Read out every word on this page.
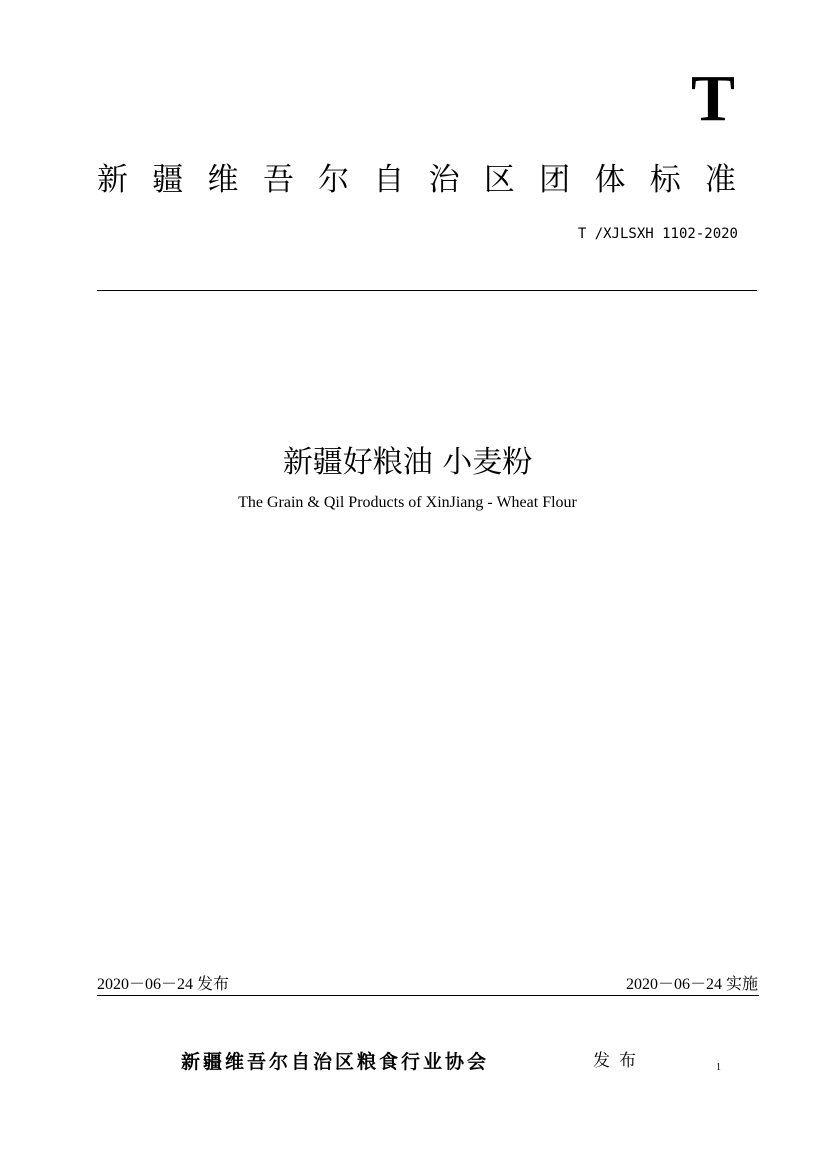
T
新疆维吾尔自治区团体标准
T /XJLSXH 1102-2020
新疆好粮油 小麦粉
The Grain & Qil Products of XinJiang - Wheat Flour
2020－06－24 发布	2020－06－24 实施
新疆维吾尔自治区粮食行业协会	发布	1
